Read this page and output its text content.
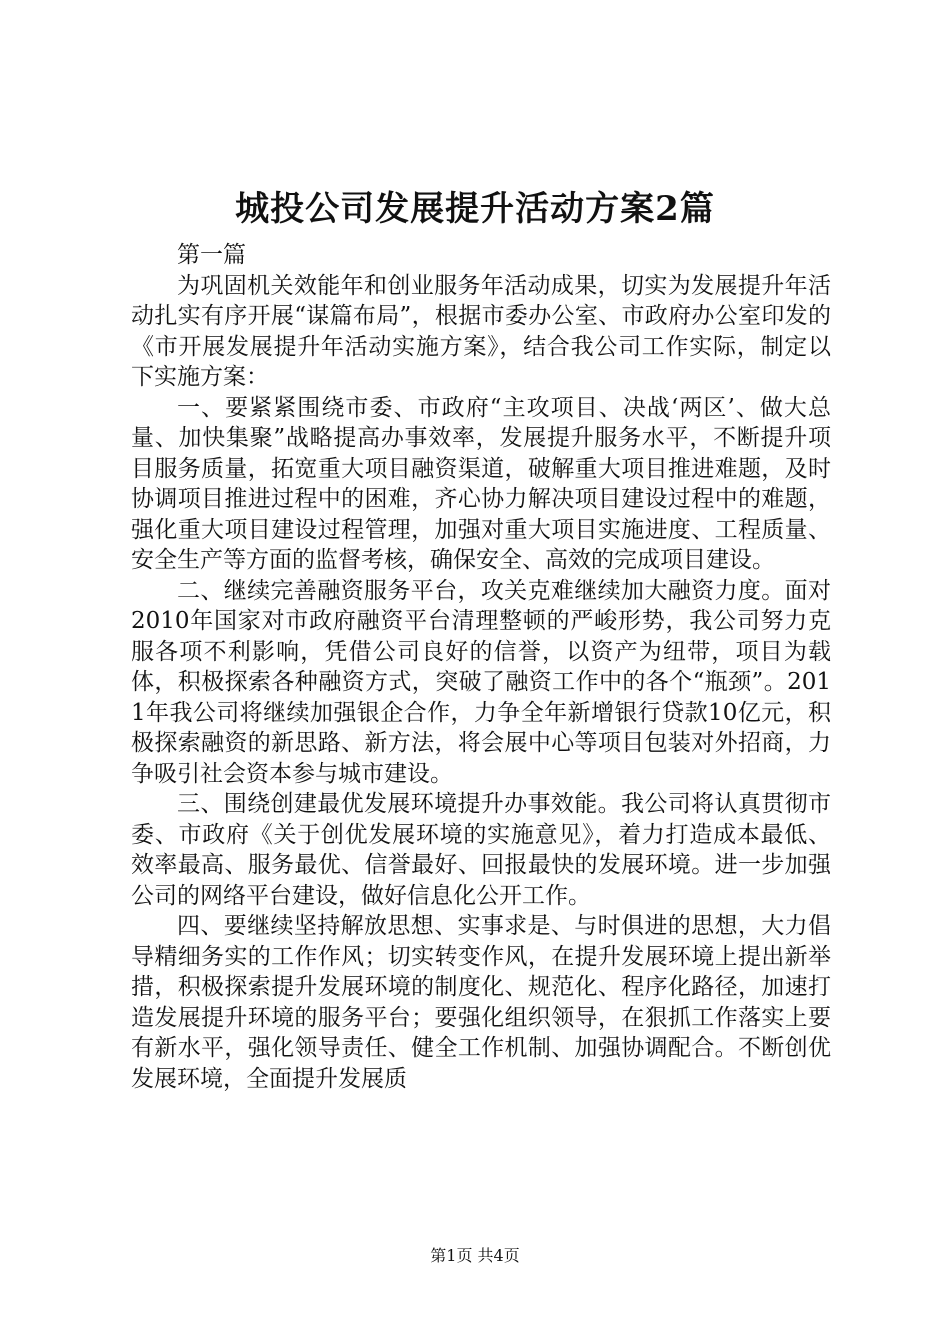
城投公司发展提升活动方案2篇

第一篇

为巩固机关效能年和创业服务年活动成果，切实为发展提升年活动扎实有序开展“谋篇布局”，根据市委办公室、市政府办公室印发的《市开展发展提升年活动实施方案》，结合我公司工作实际，制定以下实施方案：

一、要紧紧围绕市委、市政府“主攻项目、决战‘两区’、做大总量、加快集聚”战略提高办事效率，发展提升服务水平，不断提升项目服务质量，拓宽重大项目融资渠道，破解重大项目推进难题，及时协调项目推进过程中的困难，齐心协力解决项目建设过程中的难题，强化重大项目建设过程管理，加强对重大项目实施进度、工程质量、安全生产等方面的监督考核，确保安全、高效的完成项目建设。

二、继续完善融资服务平台，攻关克难继续加大融资力度。面对2010年国家对市政府融资平台清理整顿的严峻形势，我公司努力克服各项不利影响，凭借公司良好的信誉，以资产为纽带，项目为载体，积极探索各种融资方式，突破了融资工作中的各个“瓶颈”。2011年我公司将继续加强银企合作，力争全年新增银行贷款10亿元，积极探索融资的新思路、新方法，将会展中心等项目包装对外招商，力争吸引社会资本参与城市建设。

三、围绕创建最优发展环境提升办事效能。我公司将认真贯彻市委、市政府《关于创优发展环境的实施意见》，着力打造成本最低、效率最高、服务最优、信誉最好、回报最快的发展环境。进一步加强公司的网络平台建设，做好信息化公开工作。

四、要继续坚持解放思想、实事求是、与时俱进的思想，大力倡导精细务实的工作作风；切实转变作风，在提升发展环境上提出新举措，积极探索提升发展环境的制度化、规范化、程序化路径，加速打造发展提升环境的服务平台；要强化组织领导，在狠抓工作落实上要有新水平，强化领导责任、健全工作机制、加强协调配合。不断创优发展环境，全面提升发展质

第1页 共4页
